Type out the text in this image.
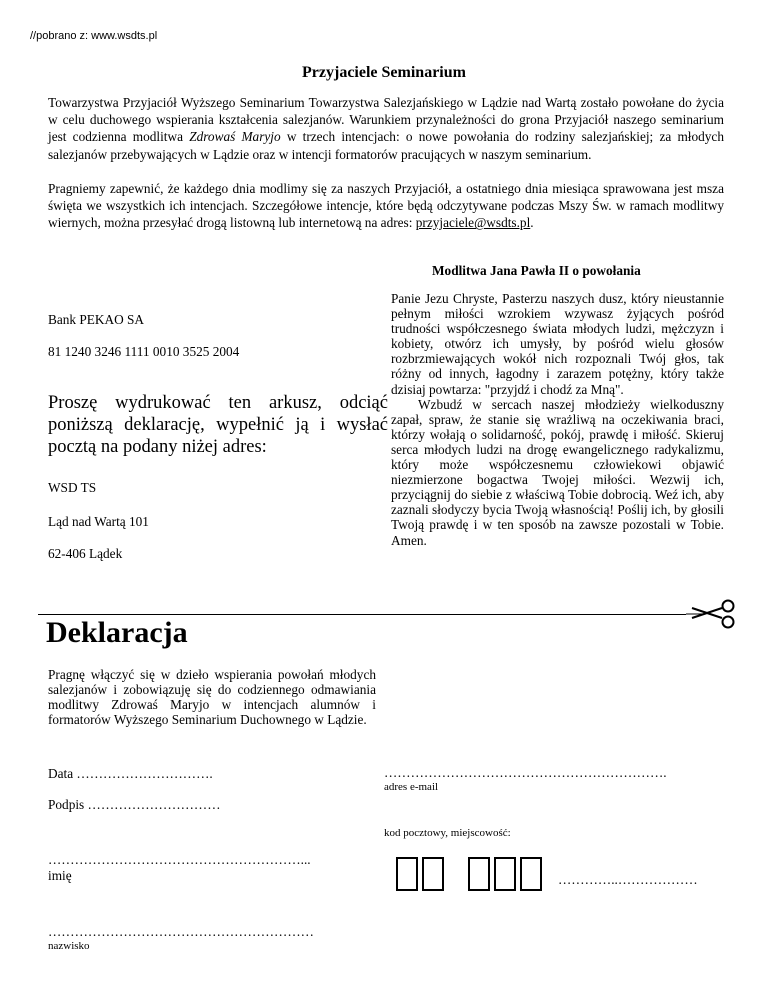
//pobrano z: www.wsdts.pl
Przyjaciele Seminarium
Towarzystwa Przyjaciół Wyższego Seminarium Towarzystwa Salezjańskiego w Lądzie nad Wartą zostało powołane do życia w celu duchowego wspierania kształcenia salezjanów. Warunkiem przynależności do grona Przyjaciół naszego seminarium jest codzienna modlitwa Zdrowaś Maryjo w trzech intencjach: o nowe powołania do rodziny salezjańskiej; za młodych salezjanów przebywających w Lądzie oraz w intencji formatorów pracujących w naszym seminarium.
Pragniemy zapewnić, że każdego dnia modlimy się za naszych Przyjaciół, a ostatniego dnia miesiąca sprawowana jest msza święta we wszystkich ich intencjach. Szczegółowe intencje, które będą odczytywane podczas Mszy Św. w ramach modlitwy wiernych, można przesyłać drogą listowną lub internetową na adres: przyjaciele@wsdts.pl.
Modlitwa Jana Pawła II o powołania

Panie Jezu Chryste, Pasterzu naszych dusz, który nieustannie pełnym miłości wzrokiem wzywasz żyjących pośród trudności współczesnego świata młodych ludzi, mężczyzn i kobiety, otwórz ich umysły, by pośród wielu głosów rozbrzmiewających wokół nich rozpoznali Twój głos, tak różny od innych, łagodny i zarazem potężny, który także dzisiaj powtarza: "przyjdź i chodź za Mną".

Wzbudź w sercach naszej młodzieży wielkoduszny zapał, spraw, że stanie się wrażliwą na oczekiwania braci, którzy wołają o solidarność, pokój, prawdę i miłość. Skieruj serca młodych ludzi na drogę ewangelicznego radykalizmu, który może współczesnemu człowiekowi objawić niezmierzone bogactwa Twojej miłości. Wezwij ich, przyciągnij do siebie z właściwą Tobie dobrocią. Weź ich, aby zaznali słodyczy bycia Twoją własnością! Poślij ich, by głosili Twoją prawdę i w ten sposób na zawsze pozostali w Tobie. Amen.

Bank PEKAO SA
81 1240 3246 1111 0010 3525 2004
Proszę wydrukować ten arkusz, odciąć poniższą deklarację, wypełnić ją i wysłać pocztą na podany niżej adres:
WSD TS
Ląd nad Wartą 101
62-406 Lądek
Deklaracja
Pragnę włączyć się w dzieło wspierania powołań młodych salezjanów i zobowiązuję się do codziennego odmawiania modlitwy Zdrowaś Maryjo w intencjach alumnów i formatorów Wyższego Seminarium Duchownego w Lądzie.
Data ………………………….
Podpis …………………………
…………………………………………………...
imię
……………………………………………………
nazwisko
……………………………………………………….
adres e-mail
kod pocztowy, miejscowość:
…………..………………
